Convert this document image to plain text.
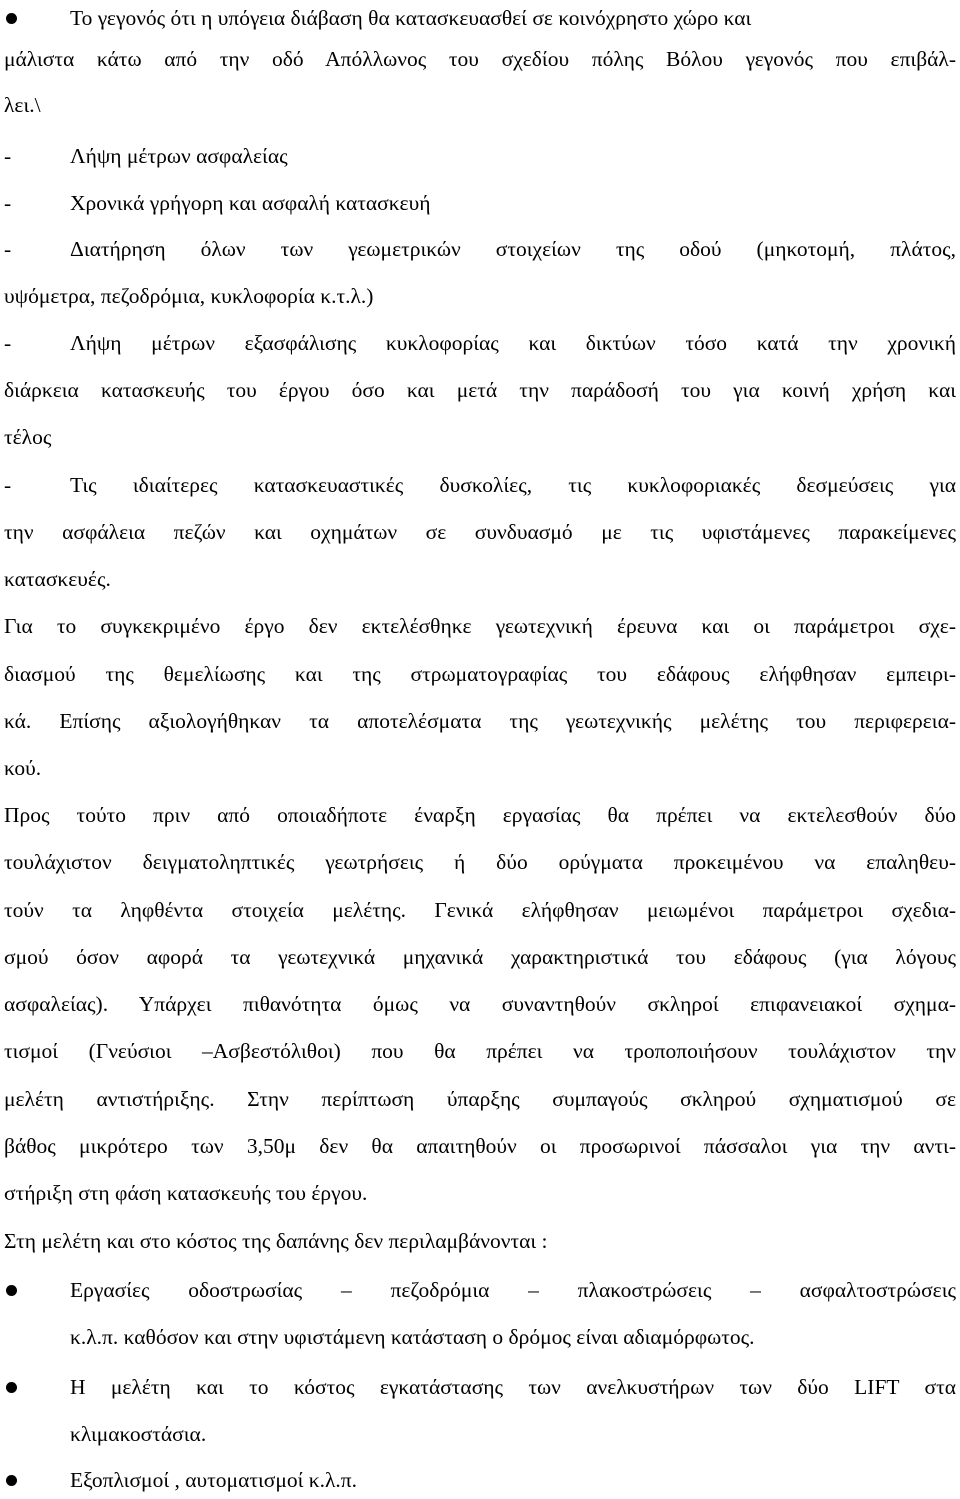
Το γεγονός ότι η υπόγεια διάβαση θα κατασκευασθεί σε κοινόχρηστο χώρο και
μάλιστα κάτω από την οδό Απόλλωνος του σχεδίου πόλης Βόλου γεγονός που επιβάλ-
λει.\
-	Λήψη μέτρων ασφαλείας
-	Χρονικά γρήγορη και ασφαλή κατασκευή
-	Διατήρηση όλων των γεωμετρικών στοιχείων της οδού (μηκοτομή, πλάτος,
υψόμετρα, πεζοδρόμια, κυκλοφορία κ.τ.λ.)
-	Λήψη μέτρων εξασφάλισης κυκλοφορίας και δικτύων τόσο κατά την χρονική
διάρκεια κατασκευής του έργου όσο και μετά την παράδοσή του για κοινή χρήση και
τέλος
-	Τις ιδιαίτερες κατασκευαστικές δυσκολίες, τις κυκλοφοριακές δεσμεύσεις για
την ασφάλεια πεζών και οχημάτων σε συνδυασμό με τις υφιστάμενες παρακείμενες
κατασκευές.
Για το συγκεκριμένο έργο δεν εκτελέσθηκε γεωτεχνική έρευνα και οι παράμετροι σχε-
διασμού της θεμελίωσης και της στρωματογραφίας του εδάφους ελήφθησαν εμπειρι-
κά. Επίσης αξιολογήθηκαν τα αποτελέσματα της γεωτεχνικής μελέτης του περιφερεια-
κού.
Προς τούτο πριν από οποιαδήποτε έναρξη εργασίας θα πρέπει να εκτελεσθούν δύο
τουλάχιστον δειγματοληπτικές γεωτρήσεις ή δύο ορύγματα προκειμένου να επαληθευ-
τούν τα ληφθέντα στοιχεία μελέτης. Γενικά ελήφθησαν μειωμένοι παράμετροι σχεδια-
σμού όσον αφορά τα γεωτεχνικά μηχανικά χαρακτηριστικά του εδάφους (για λόγους
ασφαλείας). Υπάρχει πιθανότητα όμως να συναντηθούν σκληροί επιφανειακοί σχημα-
τισμοί (Γνεύσιοι –Ασβεστόλιθοι) που θα πρέπει να τροποποιήσουν τουλάχιστον την
μελέτη αντιστήριξης. Στην περίπτωση ύπαρξης συμπαγούς σκληρού σχηματισμού σε
βάθος μικρότερο των 3,50μ δεν θα απαιτηθούν οι προσωρινοί πάσσαλοι για την αντι-
στήριξη στη φάση κατασκευής του έργου.
Στη μελέτη και στο κόστος της δαπάνης δεν περιλαμβάνονται :
Εργασίες οδοστρωσίας – πεζοδρόμια – πλακοστρώσεις – ασφαλτοστρώσεις
κ.λ.π. καθόσον και στην υφιστάμενη κατάσταση ο δρόμος είναι αδιαμόρφωτος.
Η μελέτη και το κόστος εγκατάστασης των ανελκυστήρων των δύο LIFT στα
κλιμακοστάσια.
Εξοπλισμοί , αυτοματισμοί κ.λ.π.
